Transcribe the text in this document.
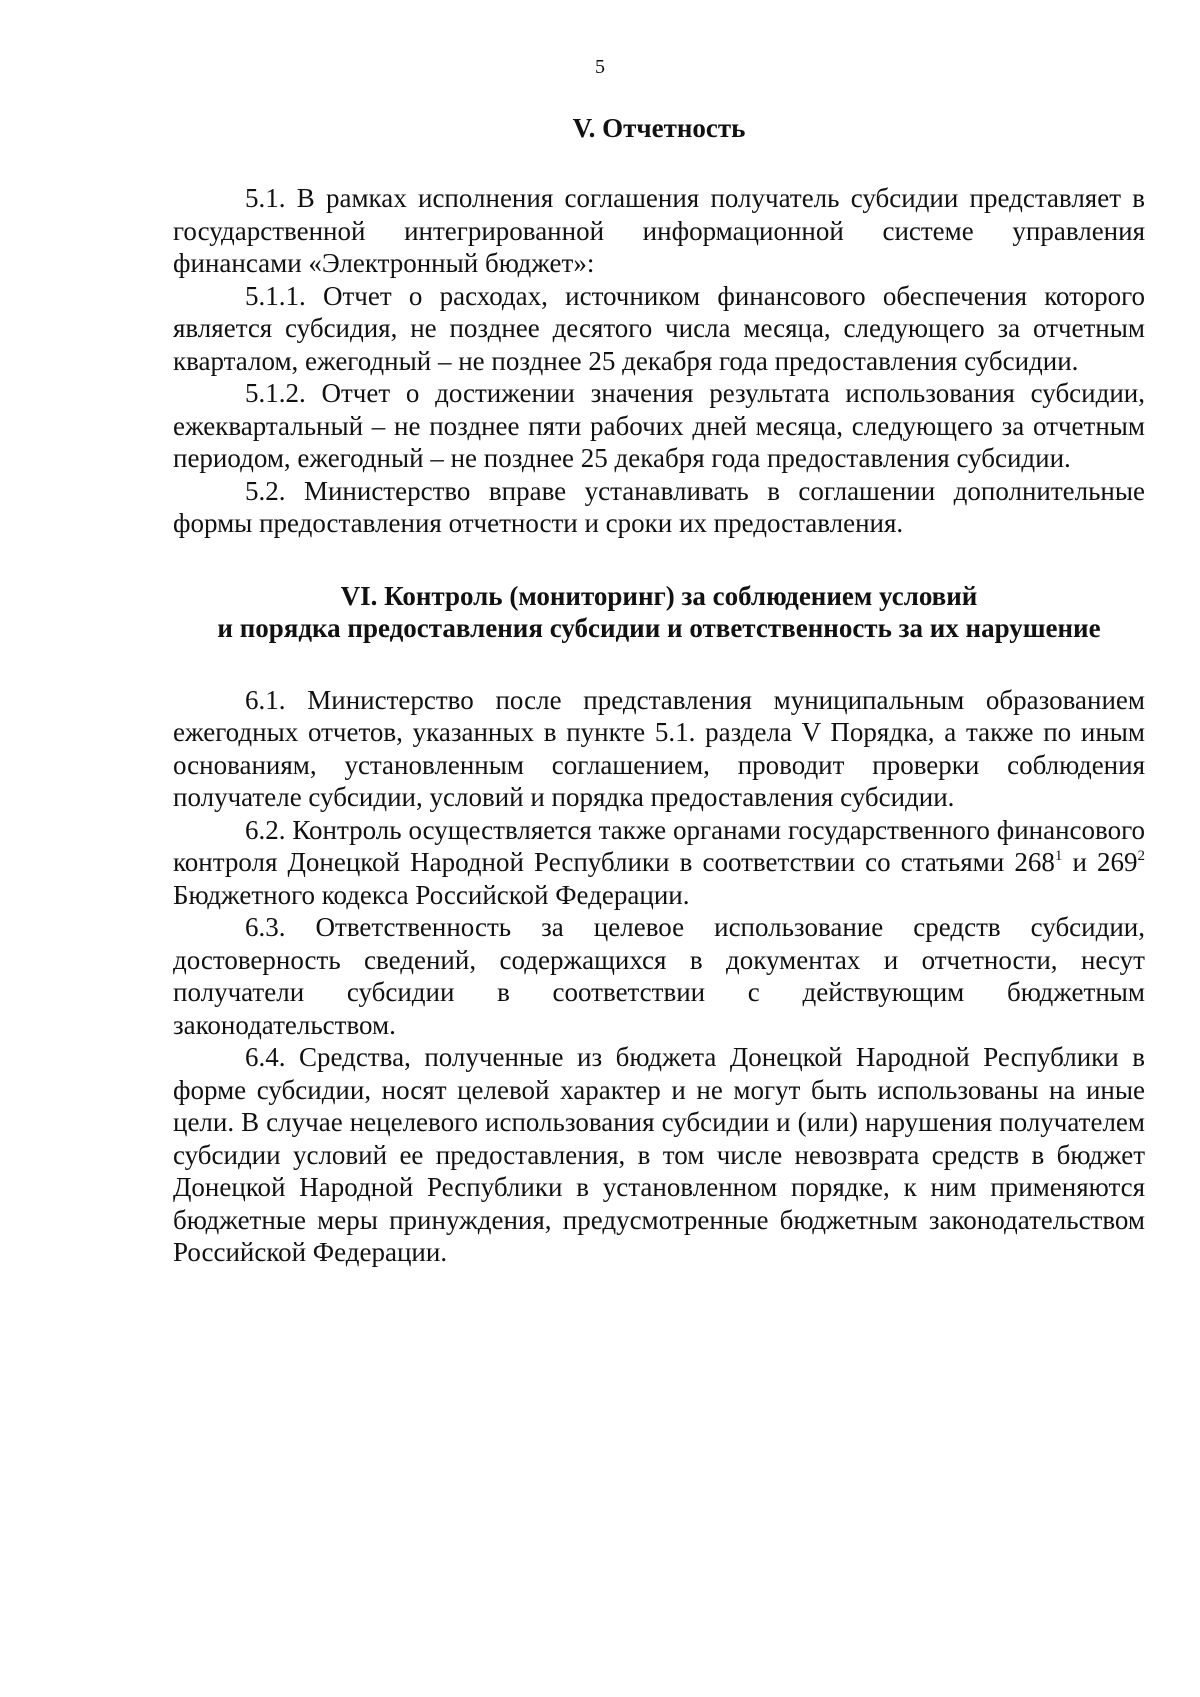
5
V. Отчетность

5.1. В рамках исполнения соглашения получатель субсидии представляет в государственной интегрированной информационной системе управления финансами «Электронный бюджет»:

5.1.1. Отчет о расходах, источником финансового обеспечения которого является субсидия, не позднее десятого числа месяца, следующего за отчетным кварталом, ежегодный – не позднее 25 декабря года предоставления субсидии.

5.1.2. Отчет о достижении значения результата использования субсидии, ежеквартальный – не позднее пяти рабочих дней месяца, следующего за отчетным периодом, ежегодный – не позднее 25 декабря года предоставления субсидии.

5.2. Министерство вправе устанавливать в соглашении дополнительные формы предоставления отчетности и сроки их предоставления.

VI. Контроль (мониторинг) за соблюдением условий
и порядка предоставления субсидии и ответственность за их нарушение

6.1. Министерство после представления муниципальным образованием ежегодных отчетов, указанных в пункте 5.1. раздела V Порядка, а также по иным основаниям, установленным соглашением, проводит проверки соблюдения получателе субсидии, условий и порядка предоставления субсидии.

6.2. Контроль осуществляется также органами государственного финансового контроля Донецкой Народной Республики в соответствии со статьями $268^1$ и $269^2$ Бюджетного кодекса Российской Федерации.

6.3. Ответственность за целевое использование средств субсидии, достоверность сведений, содержащихся в документах и отчетности, несут получатели субсидии в соответствии с действующим бюджетным законодательством.

6.4. Средства, полученные из бюджета Донецкой Народной Республики в форме субсидии, носят целевой характер и не могут быть использованы на иные цели. В случае нецелевого использования субсидии и (или) нарушения получателем субсидии условий ее предоставления, в том числе невозврата средств в бюджет Донецкой Народной Республики в установленном порядке, к ним применяются бюджетные меры принуждения, предусмотренные бюджетным законодательством Российской Федерации.
